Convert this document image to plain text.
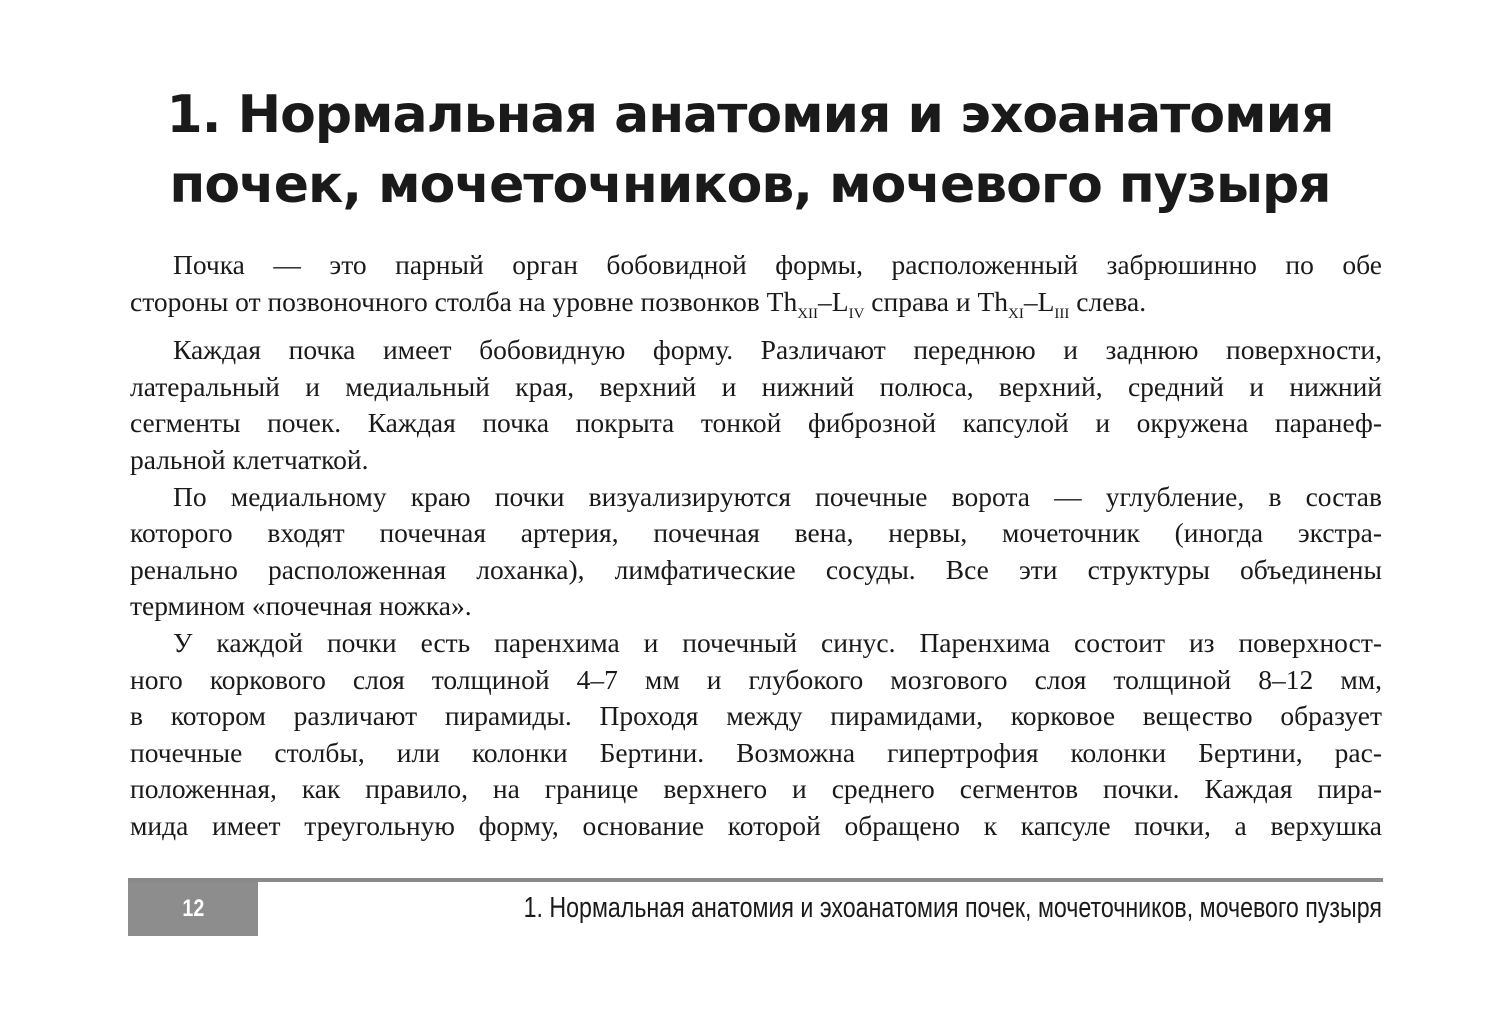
1. Нормальная анатомия и эхоанатомия
почек, мочеточников, мочевого пузыря

Почка — это парный орган бобовидной формы, расположенный забрюшинно по обе
стороны от позвоночного столба на уровне позвонков $Th_{XII}-L_{IV}$ справа и $Th_{XI}-L_{III}$ слева.

Каждая почка имеет бобовидную форму. Различают переднюю и заднюю поверхности,
латеральный и медиальный края, верхний и нижний полюса, верхний, средний и нижний
сегменты почек. Каждая почка покрыта тонкой фиброзной капсулой и окружена паранеф-
ральной клетчаткой.

По медиальному краю почки визуализируются почечные ворота — углубление, в состав
которого входят почечная артерия, почечная вена, нервы, мочеточник (иногда экстра-
ренально расположенная лоханка), лимфатические сосуды. Все эти структуры объединены
термином «почечная ножка».

У каждой почки есть паренхима и почечный синус. Паренхима состоит из поверхност-
ного коркового слоя толщиной 4–7 мм и глубокого мозгового слоя толщиной 8–12 мм,
в котором различают пирамиды. Проходя между пирамидами, корковое вещество образует
почечные столбы, или колонки Бертини. Возможна гипертрофия колонки Бертини, рас-
положенная, как правило, на границе верхнего и среднего сегментов почки. Каждая пира-
мида имеет треугольную форму, основание которой обращено к капсуле почки, а верхушка

12	1. Нормальная анатомия и эхоанатомия почек, мочеточников, мочевого пузыря
